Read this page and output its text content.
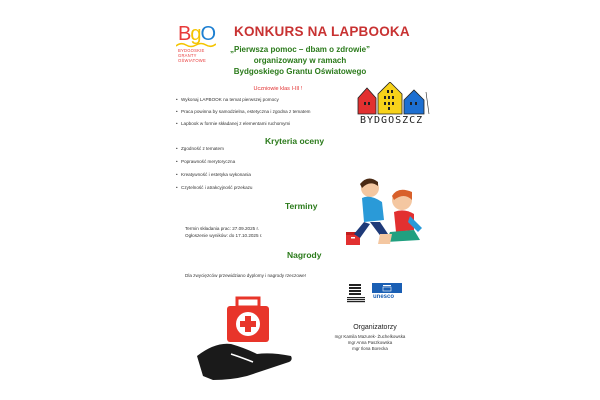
BgO
BYDGOSKIE
GRANTY
OŚWIATOWE
KONKURS NA LAPBOOKA
„Pierwsza pomoc – dbam o zdrowie”
organizowany w ramach
Bydgoskiego Grantu Oświatowego
Uczniowie klas I-III !
• Wykonaj LAPBOOK na temat pierwszej pomocy
• Praca powinna by samodzielna, estetyczna i zgodna z tematem
• Lapbook w formie składanej z elementami ruchomymi	BYDGOSZCZ
Kryteria oceny
• Zgodność z tematem
• Poprawność merytoryczna
• Kreatywność i estetyka wykonania
• Czytelność i atrakcyjność przekazu
Terminy
Termin składania prac: 27.09.2025 r.
Ogłoszenie wyników: do 17.10.2025 r.
Nagrody
Dla zwycięzców przewidziano dyplomy i nagrody rzeczowe!
unesco
Organizatorzy
mgr Kamila Mazurek- Żuchelkowska
mgr Anna Paszkowska
mgr Ilona Borecka
